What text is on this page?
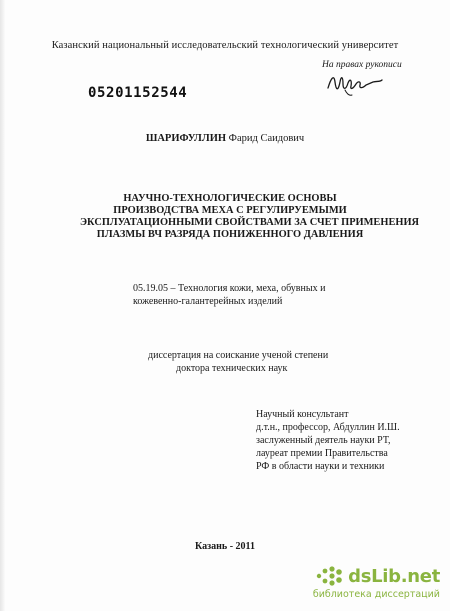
Казанский национальный исследовательский технологический университет
На правах рукописи
05201152544
ШАРИФУЛЛИН Фарид Саидович
НАУЧНО-ТЕХНОЛОГИЧЕСКИЕ ОСНОВЫ
ПРОИЗВОДСТВА МЕХА С РЕГУЛИРУЕМЫМИ
ЭКСПЛУАТАЦИОННЫМИ СВОЙСТВАМИ ЗА СЧЕТ ПРИМЕНЕНИЯ
ПЛАЗМЫ ВЧ РАЗРЯДА ПОНИЖЕННОГО ДАВЛЕНИЯ
05.19.05 – Технология кожи, меха, обувных и
кожевенно-галантерейных изделий
диссертация на соискание ученой степени
доктора технических наук
Научный консультант
д.т.н., профессор, Абдуллин И.Ш.
заслуженный деятель науки РТ,
лауреат премии Правительства
РФ в области науки и техники
Казань - 2011
dsLib.net
библиотека диссертаций
